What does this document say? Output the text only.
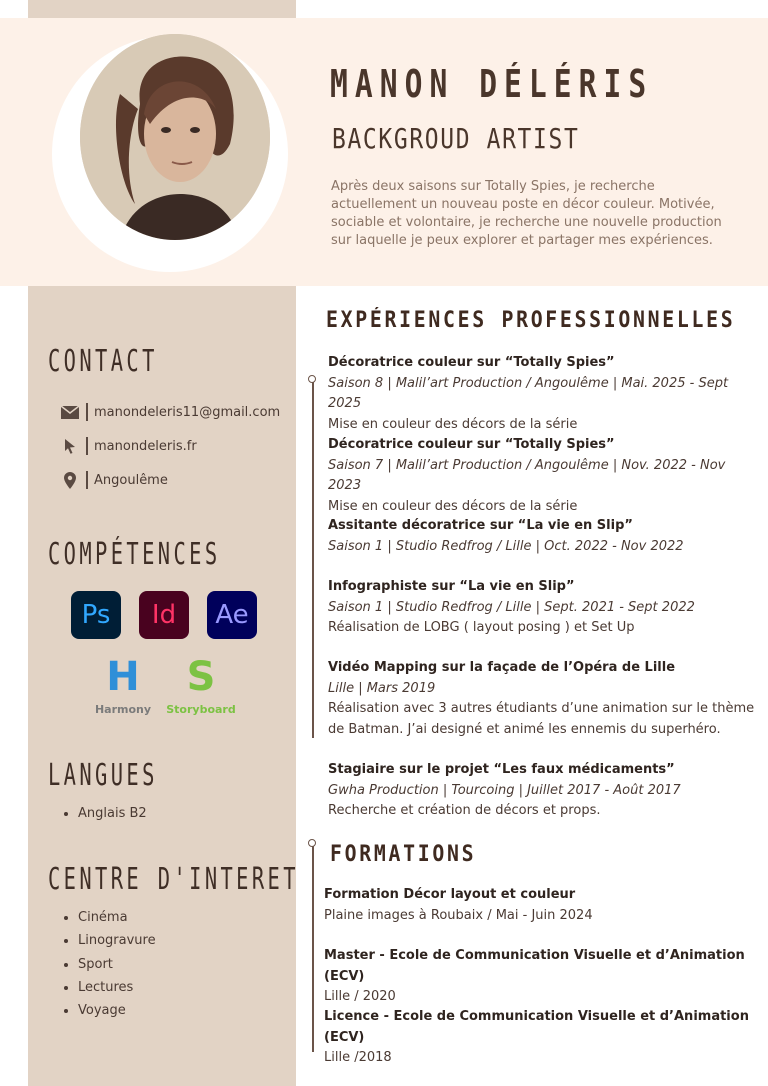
MANON DÉLÉRIS
BACKGROUD ARTIST

Après deux saisons sur Totally Spies, je recherche actuellement un nouveau poste en décor couleur. Motivée, sociable et volontaire, je recherche une nouvelle production sur laquelle je peux explorer et partager mes expériences.

CONTACT
manondeleris11@gmail.com
manondeleris.fr
Angoulême
COMPÉTENCES
Ps Id Ae
H
Harmony
S
Storyboard
LANGUES
• Anglais B2
CENTRE D'INTERET
• Cinéma
• Linogravure
• Sport
• Lectures
• Voyage
EXPÉRIENCES PROFESSIONNELLES
Décoratrice couleur sur “Totally Spies”
Saison 8 | Malil’art Production / Angoulême | Mai. 2025 - Sept 2025
Mise en couleur des décors de la série
Décoratrice couleur sur “Totally Spies”
Saison 7 | Malil’art Production / Angoulême | Nov. 2022 - Nov 2023
Mise en couleur des décors de la série
Assitante décoratrice sur “La vie en Slip”
Saison 1 | Studio Redfrog / Lille | Oct. 2022 - Nov 2022
Infographiste sur “La vie en Slip”
Saison 1 | Studio Redfrog / Lille | Sept. 2021 - Sept 2022
Réalisation de LOBG ( layout posing ) et Set Up
Vidéo Mapping sur la façade de l’Opéra de Lille
Lille | Mars 2019
Réalisation avec 3 autres étudiants d’une animation sur le thème de Batman. J’ai designé et animé les ennemis du superhéro.
Stagiaire sur le projet “Les faux médicaments”
Gwha Production | Tourcoing | Juillet 2017 - Août 2017
Recherche et création de décors et props.
FORMATIONS
Formation Décor layout et couleur
Plaine images à Roubaix / Mai - Juin 2024
Master - Ecole de Communication Visuelle et d’Animation (ECV)
Lille / 2020
Licence - Ecole de Communication Visuelle et d’Animation (ECV)
Lille /2018
